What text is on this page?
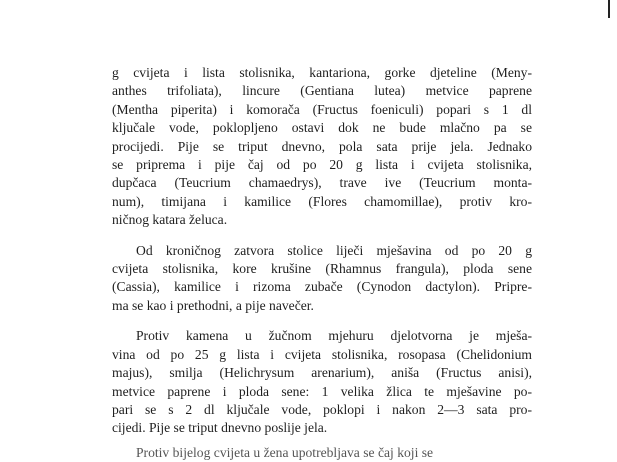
g cvijeta i lista stolisnika, kantariona, gorke djeteline (Meny-
anthes trifoliata), lincure (Gentiana lutea) metvice paprene
(Mentha piperita) i komorača (Fructus foeniculi) popari s 1 dl
ključale vode, poklopljeno ostavi dok ne bude mlačno pa se
procijedi. Pije se triput dnevno, pola sata prije jela. Jednako
se priprema i pije čaj od po 20 g lista i cvijeta stolisnika,
dupčaca (Teucrium chamaedrys), trave ive (Teucrium monta-
num), timijana i kamilice (Flores chamomillae), protiv kro-
ničnog katara želuca.
Od kroničnog zatvora stolice liječi mješavina od po 20 g
cvijeta stolisnika, kore krušine (Rhamnus frangula), ploda sene
(Cassia), kamilice i rizoma zubače (Cynodon dactylon). Pripre-
ma se kao i prethodni, a pije navečer.
Protiv kamena u žučnom mjehuru djelotvorna je mješa-
vina od po 25 g lista i cvijeta stolisnika, rosopasa (Chelidonium
majus), smilja (Helichrysum arenarium), aniša (Fructus anisi),
metvice paprene i ploda sene: 1 velika žlica te mješavine po-
pari se s 2 dl ključale vode, poklopi i nakon 2—3 sata pro-
cijedi. Pije se triput dnevno poslije jela.
Protiv bijelog cvijeta u žena upotrebljava se čaj koji se
